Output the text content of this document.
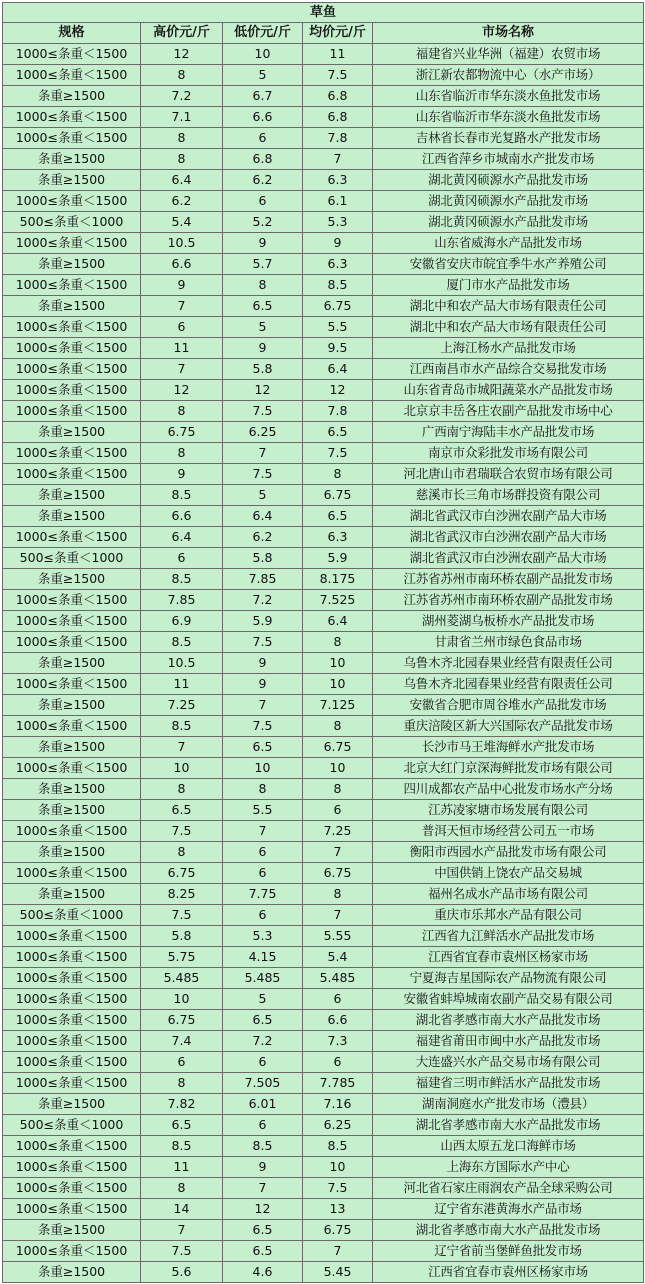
草鱼				
规格	高价元/斤	低价元/斤	均价元/斤	市场名称
1000≤条重＜1500	12	10	11	福建省兴业华洲（福建）农贸市场
1000≤条重＜1500	8	5	7.5	浙江新农都物流中心（水产市场）
条重≥1500	7.2	6.7	6.8	山东省临沂市华东淡水鱼批发市场
1000≤条重＜1500	7.1	6.6	6.8	山东省临沂市华东淡水鱼批发市场
1000≤条重＜1500	8	6	7.8	吉林省长春市光复路水产批发市场
条重≥1500	8	6.8	7	江西省萍乡市城南水产批发市场
条重≥1500	6.4	6.2	6.3	湖北黄冈硕源水产品批发市场
1000≤条重＜1500	6.2	6	6.1	湖北黄冈硕源水产品批发市场
500≤条重＜1000	5.4	5.2	5.3	湖北黄冈硕源水产品批发市场
1000≤条重＜1500	10.5	9	9	山东省威海水产品批发市场
条重≥1500	6.6	5.7	6.3	安徽省安庆市皖宜季牛水产养殖公司
1000≤条重＜1500	9	8	8.5	厦门市水产品批发市场
条重≥1500	7	6.5	6.75	湖北中和农产品大市场有限责任公司
1000≤条重＜1500	6	5	5.5	湖北中和农产品大市场有限责任公司
1000≤条重＜1500	11	9	9.5	上海江杨水产品批发市场
1000≤条重＜1500	7	5.8	6.4	江西南昌市水产品综合交易批发市场
1000≤条重＜1500	12	12	12	山东省青岛市城阳蔬菜水产品批发市场
1000≤条重＜1500	8	7.5	7.8	北京京丰岳各庄农副产品批发市场中心
条重≥1500	6.75	6.25	6.5	广西南宁海陆丰水产品批发市场
1000≤条重＜1500	8	7	7.5	南京市众彩批发市场有限公司
1000≤条重＜1500	9	7.5	8	河北唐山市君瑞联合农贸市场有限公司
条重≥1500	8.5	5	6.75	慈溪市长三角市场群投资有限公司
条重≥1500	6.6	6.4	6.5	湖北省武汉市白沙洲农副产品大市场
1000≤条重＜1500	6.4	6.2	6.3	湖北省武汉市白沙洲农副产品大市场
500≤条重＜1000	6	5.8	5.9	湖北省武汉市白沙洲农副产品大市场
条重≥1500	8.5	7.85	8.175	江苏省苏州市南环桥农副产品批发市场
1000≤条重＜1500	7.85	7.2	7.525	江苏省苏州市南环桥农副产品批发市场
1000≤条重＜1500	6.9	5.9	6.4	湖州菱湖乌板桥水产品批发市场
1000≤条重＜1500	8.5	7.5	8	甘肃省兰州市绿色食品市场
条重≥1500	10.5	9	10	乌鲁木齐北园春果业经营有限责任公司
1000≤条重＜1500	11	9	10	乌鲁木齐北园春果业经营有限责任公司
条重≥1500	7.25	7	7.125	安徽省合肥市周谷堆水产品批发市场
1000≤条重＜1500	8.5	7.5	8	重庆涪陵区新大兴国际农产品批发市场
条重≥1500	7	6.5	6.75	长沙市马王堆海鲜水产批发市场
1000≤条重＜1500	10	10	10	北京大红门京深海鲜批发市场有限公司
条重≥1500	8	8	8	四川成都农产品中心批发市场水产分场
条重≥1500	6.5	5.5	6	江苏凌家塘市场发展有限公司
1000≤条重＜1500	7.5	7	7.25	普洱天恒市场经营公司五一市场
条重≥1500	8	6	7	衡阳市西园水产品批发市场有限公司
1000≤条重＜1500	6.75	6	6.75	中国供销上饶农产品交易城
条重≥1500	8.25	7.75	8	福州名成水产品市场有限公司
500≤条重＜1000	7.5	6	7	重庆市乐邦水产品有限公司
1000≤条重＜1500	5.8	5.3	5.55	江西省九江鲜活水产品批发市场
1000≤条重＜1500	5.75	4.15	5.4	江西省宜春市袁州区杨家市场
1000≤条重＜1500	5.485	5.485	5.485	宁夏海吉星国际农产品物流有限公司
1000≤条重＜1500	10	5	6	安徽省蚌埠城南农副产品交易有限公司
1000≤条重＜1500	6.75	6.5	6.6	湖北省孝感市南大水产品批发市场
1000≤条重＜1500	7.4	7.2	7.3	福建省莆田市闽中水产品批发市场
1000≤条重＜1500	6	6	6	大连盛兴水产品交易市场有限公司
1000≤条重＜1500	8	7.505	7.785	福建省三明市鲜活水产品批发市场
条重≥1500	7.82	6.01	7.16	湖南洞庭水产批发市场（澧县）
500≤条重＜1000	6.5	6	6.25	湖北省孝感市南大水产品批发市场
1000≤条重＜1500	8.5	8.5	8.5	山西太原五龙口海鲜市场
1000≤条重＜1500	11	9	10	上海东方国际水产中心
1000≤条重＜1500	8	7	7.5	河北省石家庄雨润农产品全球采购公司
1000≤条重＜1500	14	12	13	辽宁省东港黄海水产品市场
条重≥1500	7	6.5	6.75	湖北省孝感市南大水产品批发市场
1000≤条重＜1500	7.5	6.5	7	辽宁省前当堡鲜鱼批发市场
条重≥1500	5.6	4.6	5.45	江西省宜春市袁州区杨家市场
